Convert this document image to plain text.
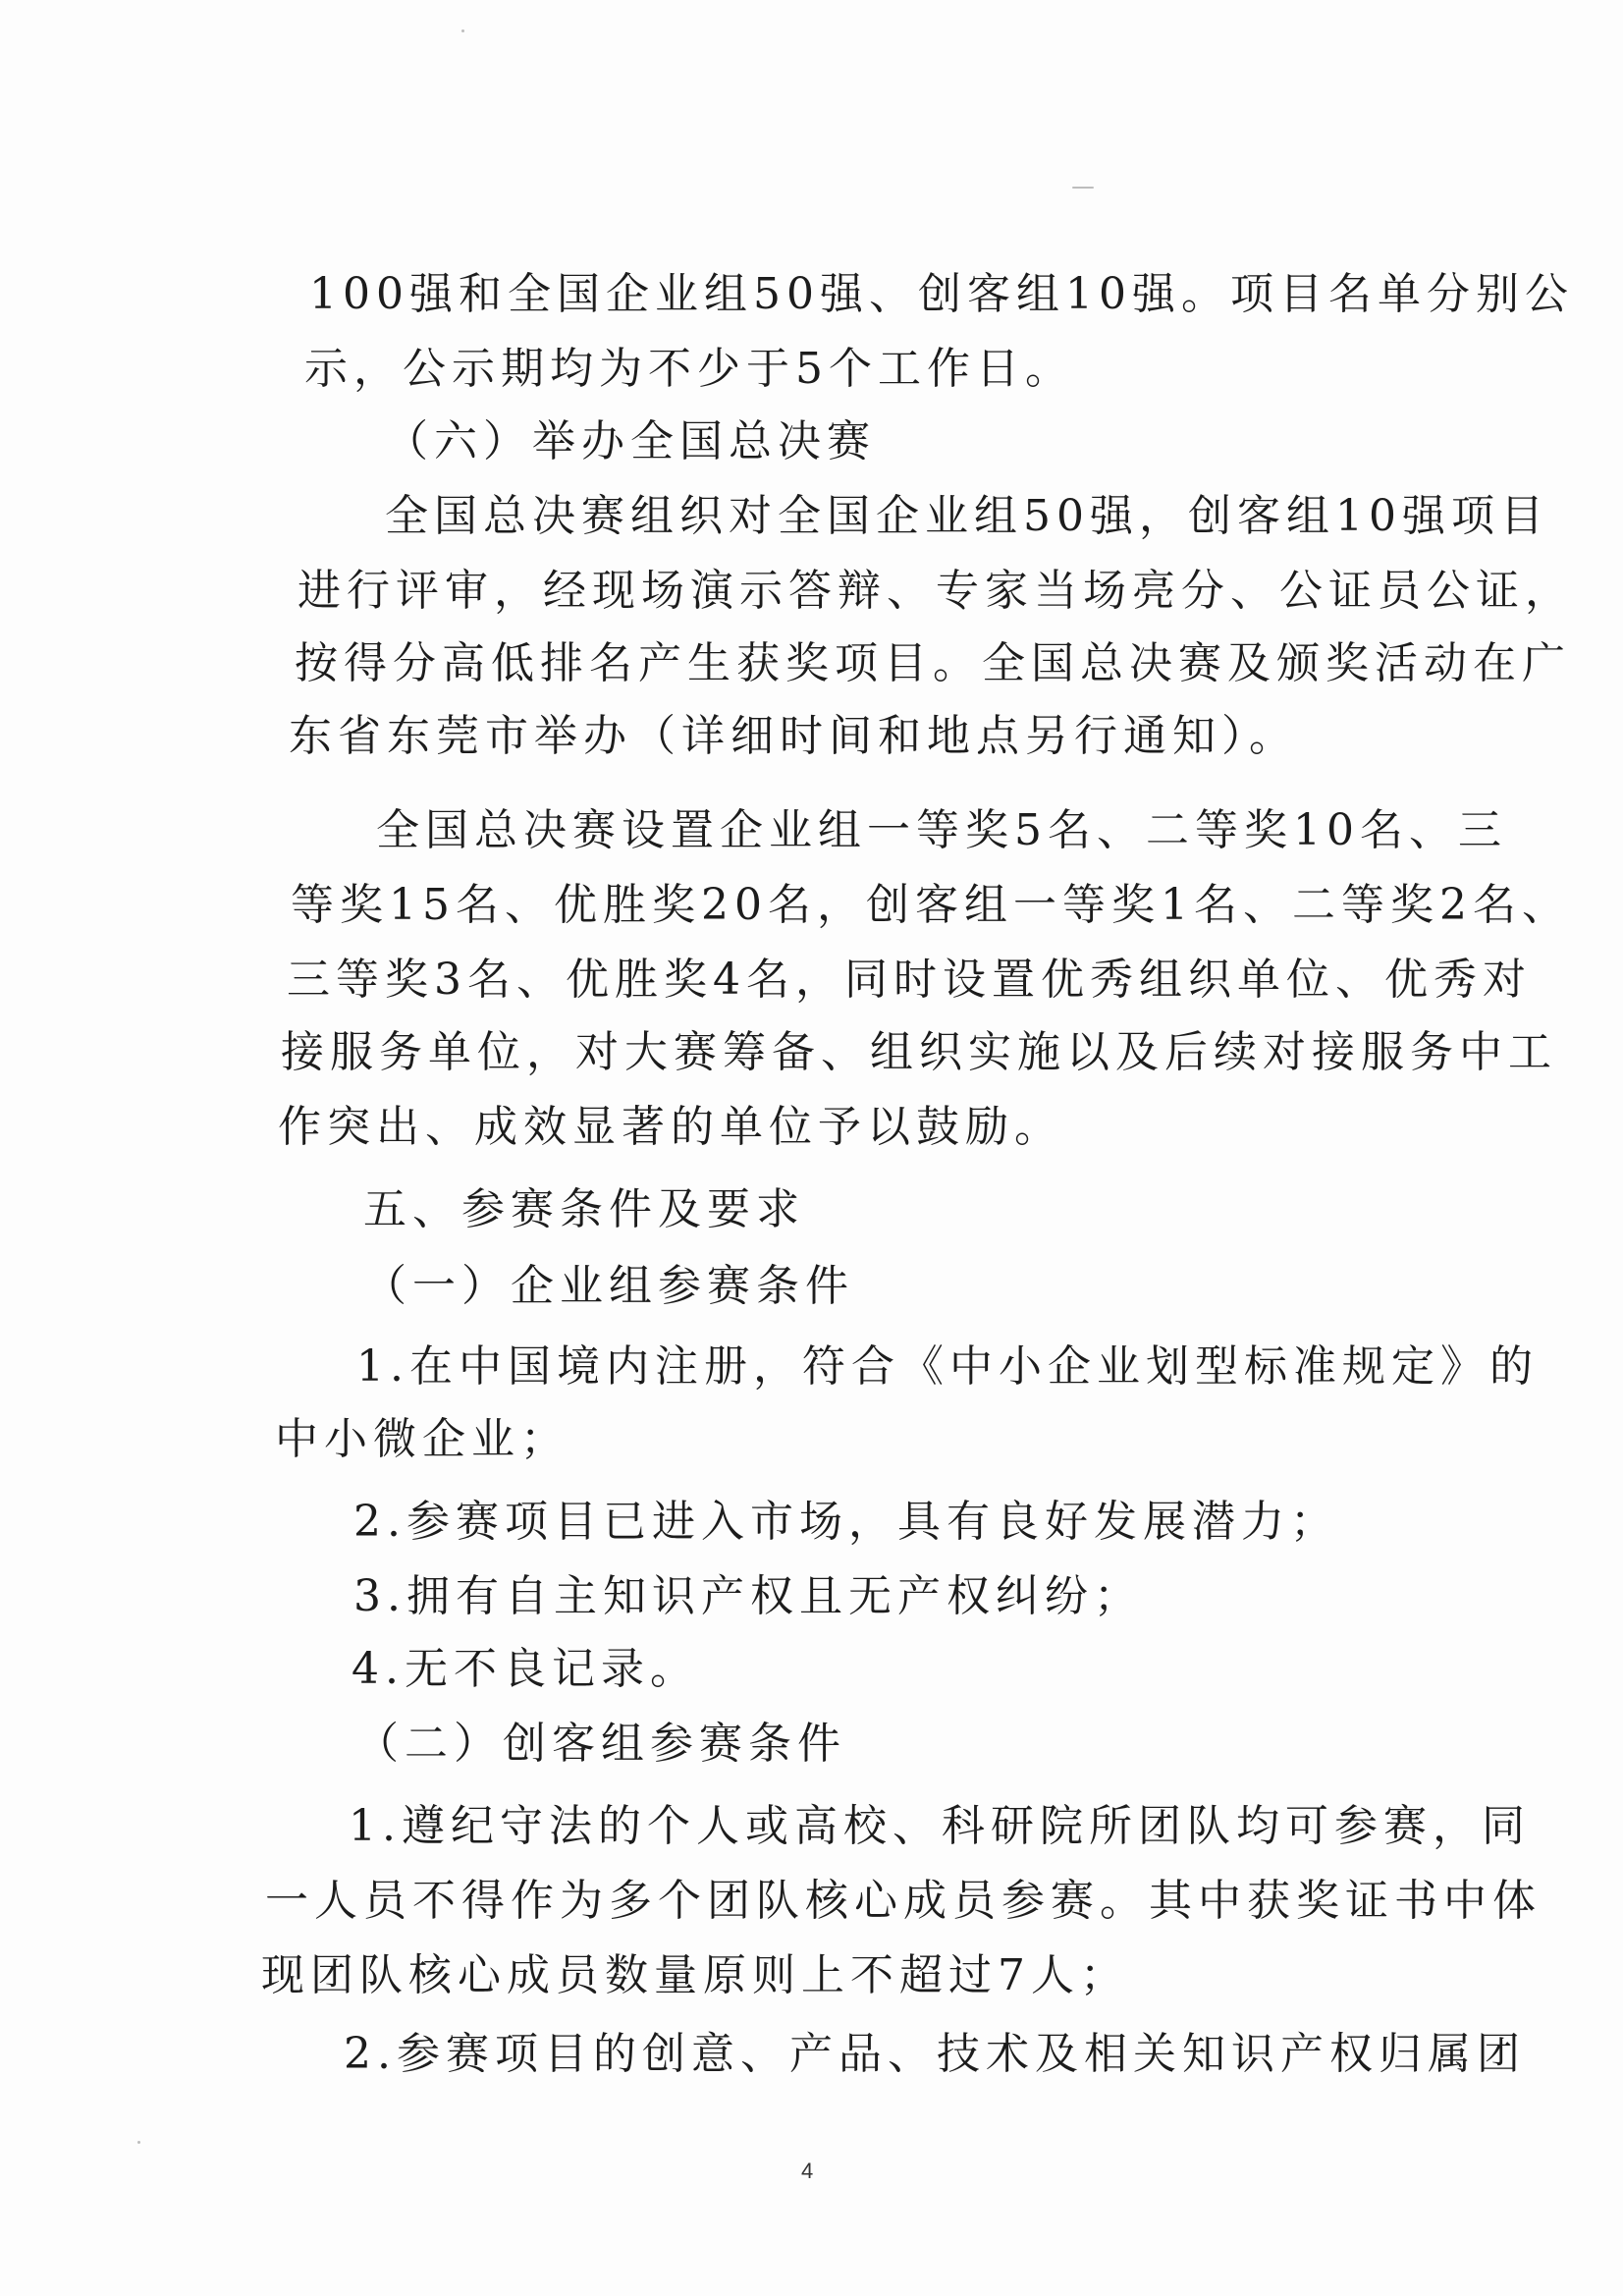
100强和全国企业组50强、创客组10强。项目名单分别公
示，公示期均为不少于5个工作日。
（六）举办全国总决赛
全国总决赛组织对全国企业组50强，创客组10强项目
进行评审，经现场演示答辩、专家当场亮分、公证员公证，
按得分高低排名产生获奖项目。全国总决赛及颁奖活动在广
东省东莞市举办（详细时间和地点另行通知）。
全国总决赛设置企业组一等奖5名、二等奖10名、三
等奖15名、优胜奖20名，创客组一等奖1名、二等奖2名、
三等奖3名、优胜奖4名，同时设置优秀组织单位、优秀对
接服务单位，对大赛筹备、组织实施以及后续对接服务中工
作突出、成效显著的单位予以鼓励。
五、参赛条件及要求
（一）企业组参赛条件
1.在中国境内注册，符合《中小企业划型标准规定》的
中小微企业；
2.参赛项目已进入市场，具有良好发展潜力；
3.拥有自主知识产权且无产权纠纷；
4.无不良记录。
（二）创客组参赛条件
1.遵纪守法的个人或高校、科研院所团队均可参赛，同
一人员不得作为多个团队核心成员参赛。其中获奖证书中体
现团队核心成员数量原则上不超过7人；
2.参赛项目的创意、产品、技术及相关知识产权归属团
4
